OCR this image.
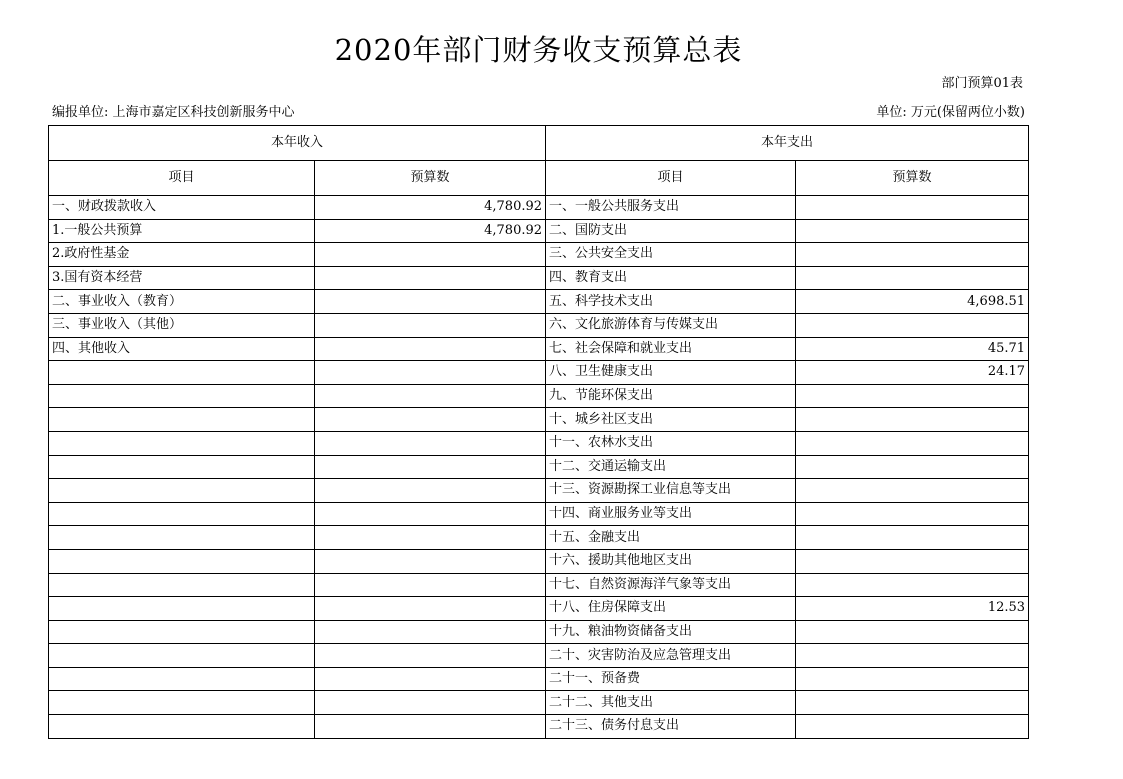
2020年部门财务收支预算总表
部门预算01表
编报单位: 上海市嘉定区科技创新服务中心	单位: 万元(保留两位小数)
本年收入		本年支出	
项目	预算数	项目	预算数
一、财政拨款收入	4,780.92	一、一般公共服务支出	
1.一般公共预算	4,780.92	二、国防支出	
2.政府性基金		三、公共安全支出	
3.国有资本经营		四、教育支出	
二、事业收入（教育）		五、科学技术支出	4,698.51
三、事业收入（其他）		六、文化旅游体育与传媒支出	
四、其他收入		七、社会保障和就业支出	45.71
		八、卫生健康支出	24.17
		九、节能环保支出	
		十、城乡社区支出	
		十一、农林水支出	
		十二、交通运输支出	
		十三、资源勘探工业信息等支出	
		十四、商业服务业等支出	
		十五、金融支出	
		十六、援助其他地区支出	
		十七、自然资源海洋气象等支出	
		十八、住房保障支出	12.53
		十九、粮油物资储备支出	
		二十、灾害防治及应急管理支出	
		二十一、预备费	
		二十二、其他支出	
		二十三、债务付息支出	
